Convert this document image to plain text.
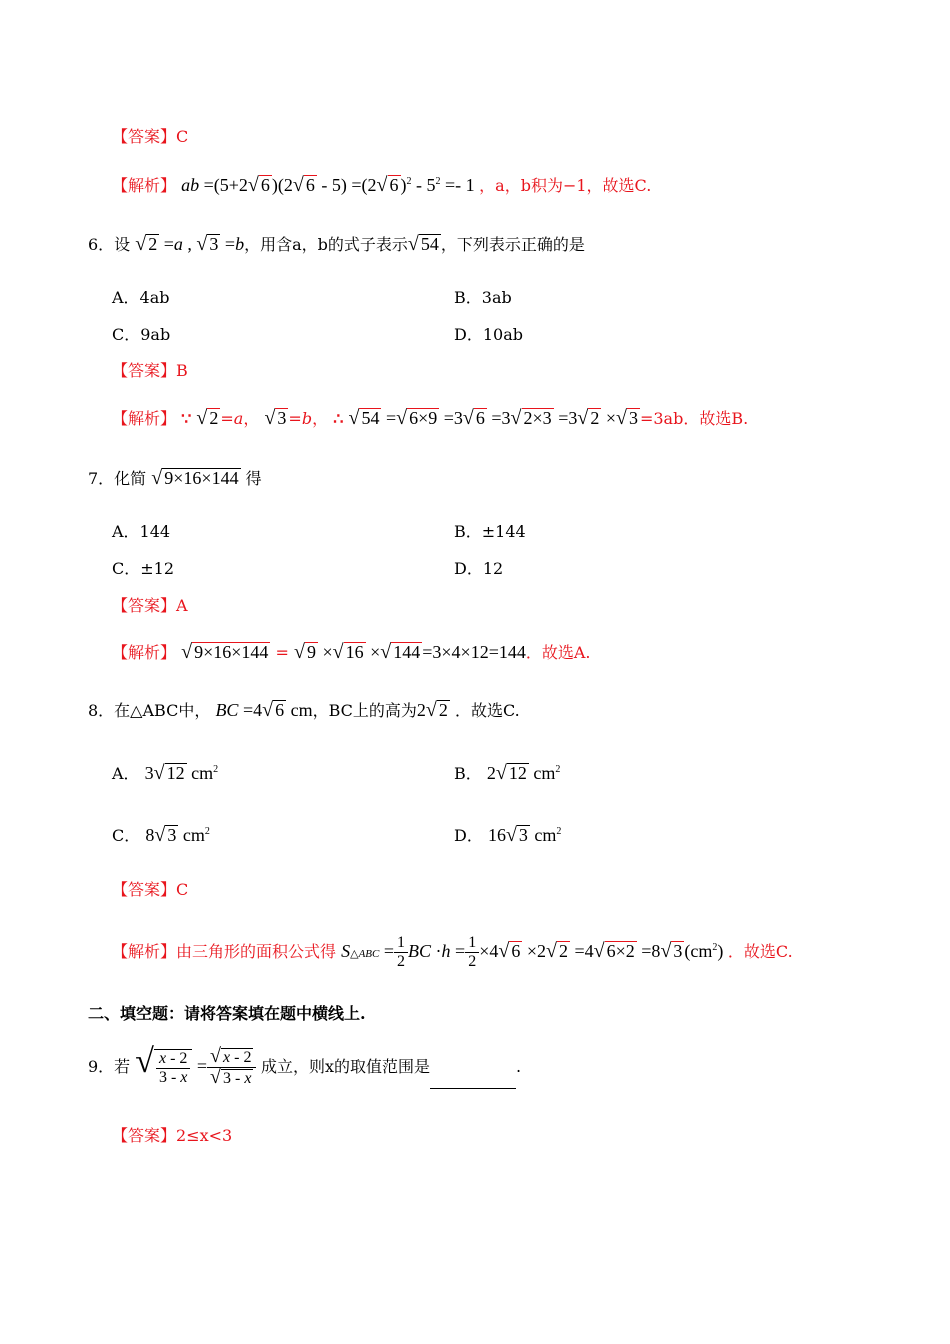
【答案】C
【解析】 ab =(5+2√ 6 )(2√ 6 - 5) =(2√ 6 )$^2 - 5^2 =- 1$ ，a，b积为−1，故选C.
6．设 √ 2 =a , √ 3 =b，用含a，b的式子表示√ 54 ，下列表示正确的是
A．4ab	B．3ab
C．9ab	D．10ab
【答案】B
【解析】 ∵ √ 2 =a， √ 3 =b， ∴ √ 54 =√ 6×9 =3√ 6 =3√ 2×3 =3√ 2 ×√ 3 =3ab．故选B.
7．化简 √ 9×16×144 得
A．144	B．±144
C．±12	D．12
【答案】A
【解析】 √ 9×16×144 = √ 9 ×√ 16 ×√ 144 =3×4×12=144．故选A.
8．在△ABC中， BC =4√ 6 cm，BC上的高为2√ 2 ．故选C.
A． 3√ 12 $cm^2$	B． 2√ 12 $cm^2$
C． 8√ 3 $cm^2$	D． 16√ 3 $cm^2$
【答案】C
【解析】由三角形的面积公式得 S△ABC = $\frac{1}{2}$ BC $\cdot h = \frac{1}{2} \times 4√$ 6 ×2√ 2 =4√ 6×2 =8√ 3 $(cm^2)$ ．故选C.
二、填空题：请将答案填在题中横线上.
9．若 √ $\frac{x - 2}{3 - x} = \frac{√ x - 2}{√ 3 - x}$ 成立，则x的取值范围是	.
【答案】2≤x<3
